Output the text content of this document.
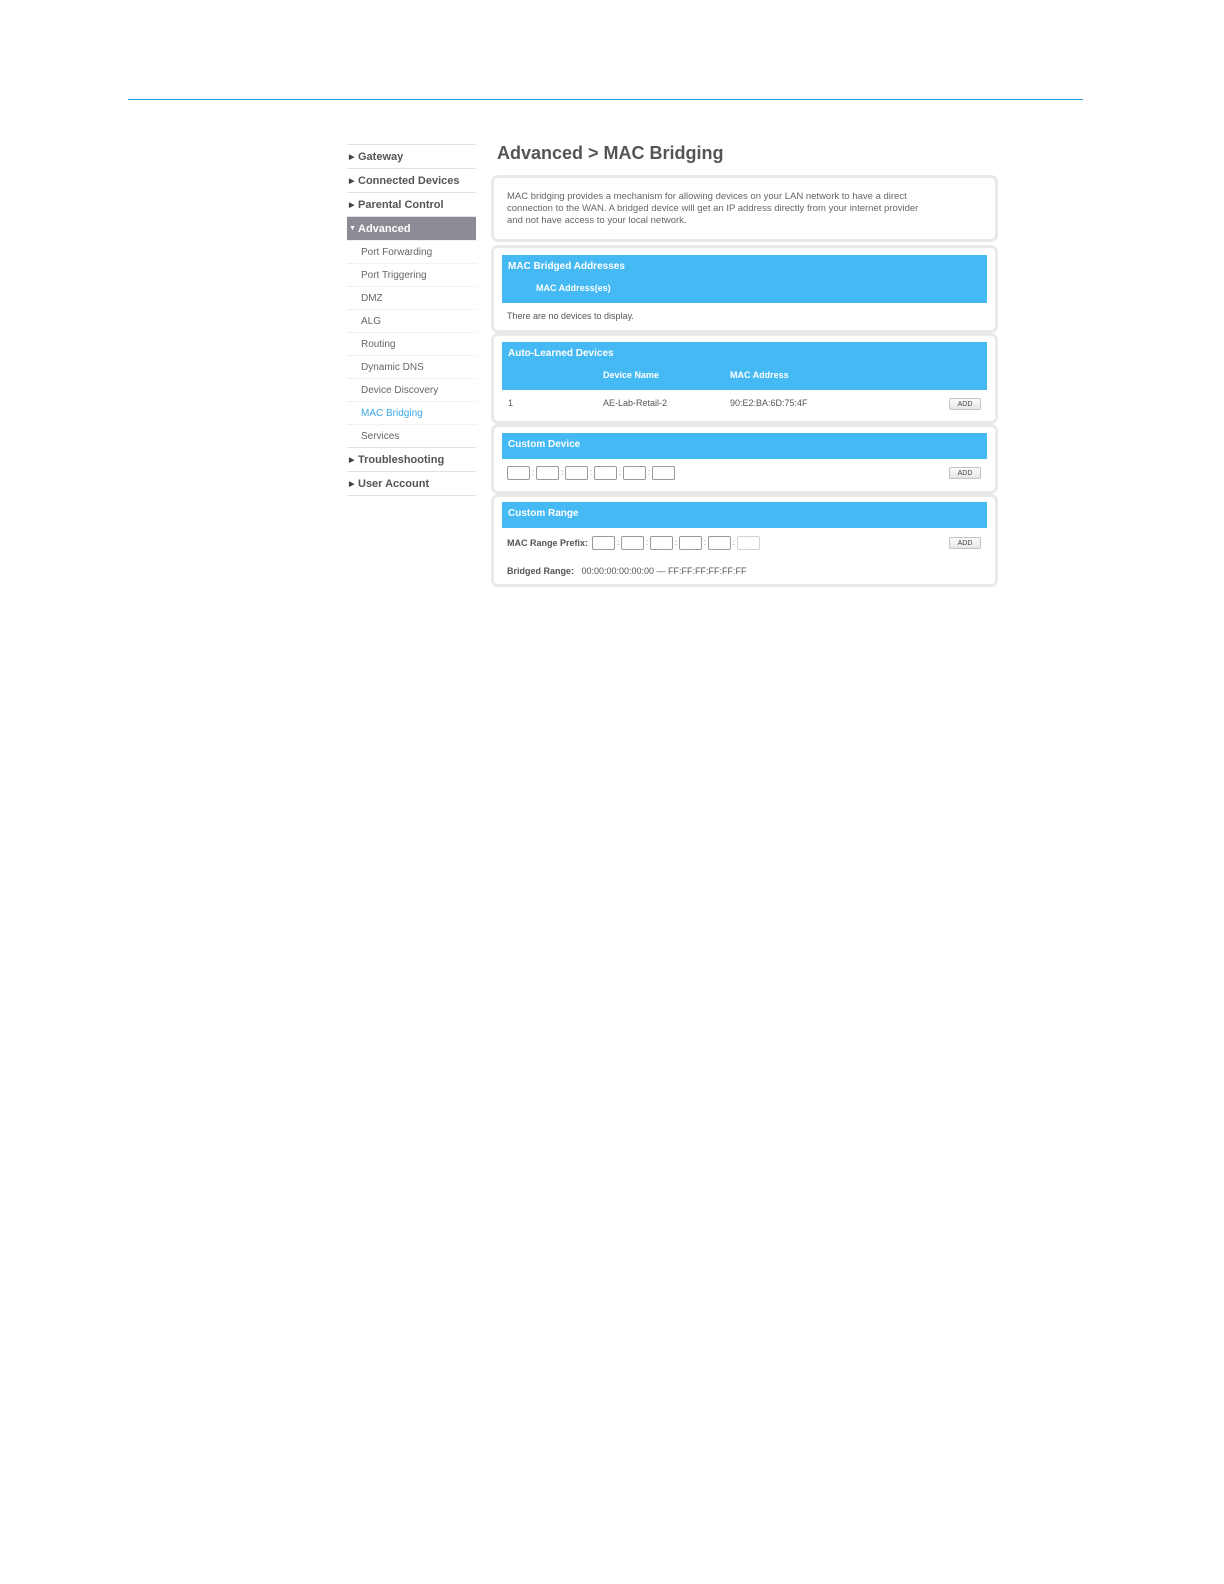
▶ Gateway
▶ Connected Devices
▶ Parental Control
▼ Advanced
Port Forwarding
Port Triggering
DMZ
ALG
Routing
Dynamic DNS
Device Discovery
MAC Bridging
Services
▶ Troubleshooting
▶ User Account
Advanced > MAC Bridging
MAC bridging provides a mechanism for allowing devices on your LAN network to have a direct connection to the WAN. A bridged device will get an IP address directly from your internet provider and not have access to your local network.
MAC Bridged Addresses
MAC Address(es)
There are no devices to display.
Auto-Learned Devices
Device Name	MAC Address
1	AE-Lab-Retail-2	90:E2:BA:6D:75:4F	ADD
Custom Device
:	:	:	:	:	ADD
Custom Range
MAC Range Prefix:	:	:	:	:	:	ADD
Bridged Range: 00:00:00:00:00:00 — FF:FF:FF:FF:FF:FF
